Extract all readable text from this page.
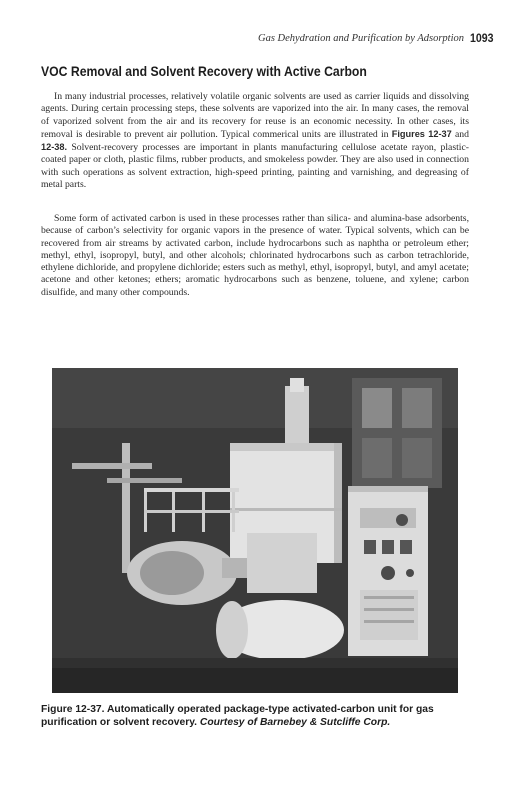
Gas Dehydration and Purification by Adsorption 1093
VOC Removal and Solvent Recovery with Active Carbon

In many industrial processes, relatively volatile organic solvents are used as carrier liquids and dissolving agents. During certain processing steps, these solvents are vaporized into the air. In many cases, the removal of vaporized solvent from the air and its recovery for reuse is an economic necessity. In other cases, its removal is desirable to prevent air pollution. Typical commerical units are illustrated in Figures 12-37 and 12-38. Solvent-recovery processes are important in plants manufacturing cellulose acetate rayon, plastic-coated paper or cloth, plastic films, rubber products, and smokeless powder. They are also used in connection with such operations as solvent extraction, high-speed printing, painting and varnishing, and degreasing of metal parts.

Some form of activated carbon is used in these processes rather than silica- and alumina-base adsorbents, because of carbon’s selectivity for organic vapors in the presence of water. Typical solvents, which can be recovered from air streams by activated carbon, include hydrocarbons such as naphtha or petroleum ether; methyl, ethyl, isopropyl, butyl, and other alcohols; chlorinated hydrocarbons such as carbon tetrachloride, ethylene dichloride, and propylene dichloride; esters such as methyl, ethyl, isopropyl, butyl, and amyl acetate; acetone and other ketones; ethers; aromatic hydrocarbons such as benzene, toluene, and xylene; carbon disulfide, and many other compounds.

Figure 12-37. Automatically operated package-type activated-carbon unit for gas purification or solvent recovery. Courtesy of Barnebey & Sutcliffe Corp.
